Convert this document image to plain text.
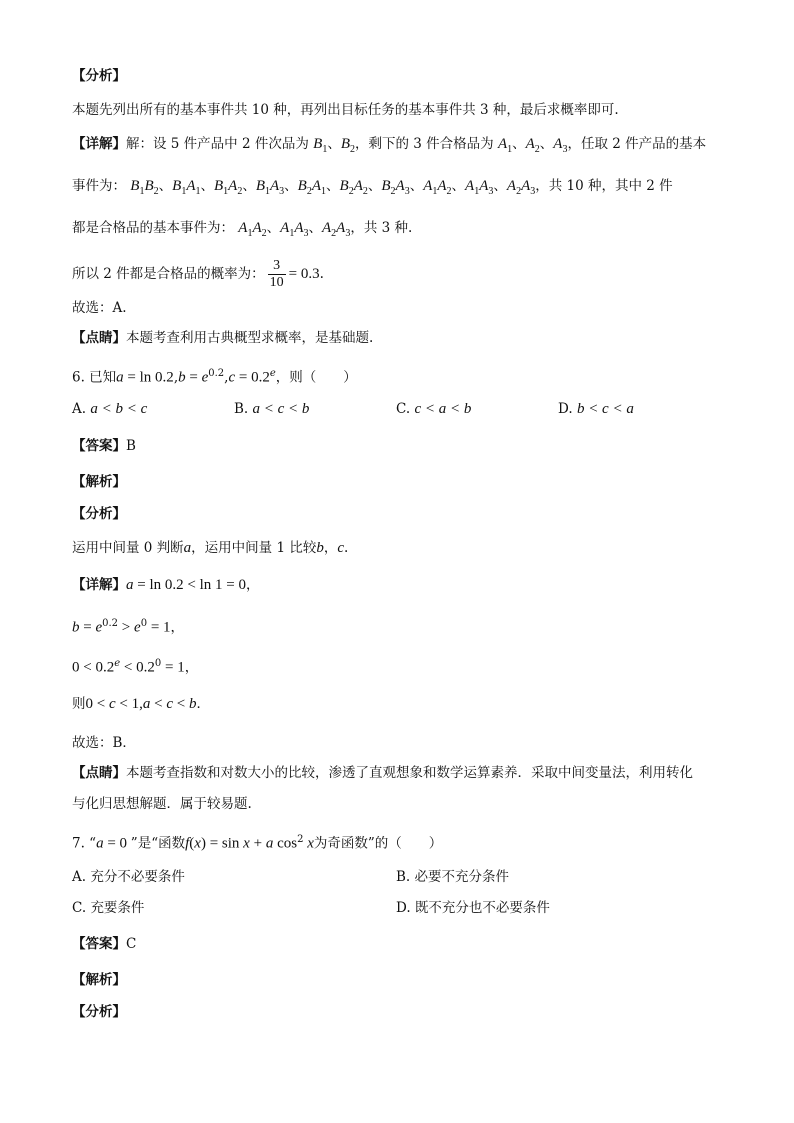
【分析】
本题先列出所有的基本事件共 10 种，再列出目标任务的基本事件共 3 种，最后求概率即可.
【详解】解：设 5 件产品中 2 件次品为 $B_1$、$B_2$，剩下的 3 件合格品为 $A_1$、$A_2$、$A_3$，任取 2 件产品的基本
事件为： $B_1B_2$、$B_1A_1$、$B_1A_2$、$B_1A_3$、$B_2A_1$、$B_2A_2$、$B_2A_3$、$A_1A_2$、$A_1A_3$、$A_2A_3$，共 10 种，其中 2 件
都是合格品的基本事件为： $A_1A_2$、$A_1A_3$、$A_2A_3$，共 3 种.
所以 2 件都是合格品的概率为： $\frac{3}{10} = 0.3$.
故选：A.
【点睛】本题考查利用古典概型求概率，是基础题.
6. 已知$a = \ln 0.2,b = e^{0.2},c = 0.2^e$，则（　　）
A. a < b < c	B. a < c < b	C. c < a < b	D. b < c < a
【答案】B
【解析】
【分析】
运用中间量 0 判断a，运用中间量 1 比较b，c.
【详解】a = ln 0.2 < ln 1 = 0，
$b = e^{0.2} > e^0 = 1$，
$0 < 0.2^e < 0.2^0 = 1$，
则0 < c < 1,a < c < b．
故选：B．
【点睛】本题考查指数和对数大小的比较，渗透了直观想象和数学运算素养．采取中间变量法，利用转化
与化归思想解题．属于较易题.
7. “a = 0 ”是“函数f(x) = sin x + a $\cos^2 x$为奇函数”的（　　）
A. 充分不必要条件	B. 必要不充分条件
C. 充要条件	D. 既不充分也不必要条件
【答案】C
【解析】
【分析】
